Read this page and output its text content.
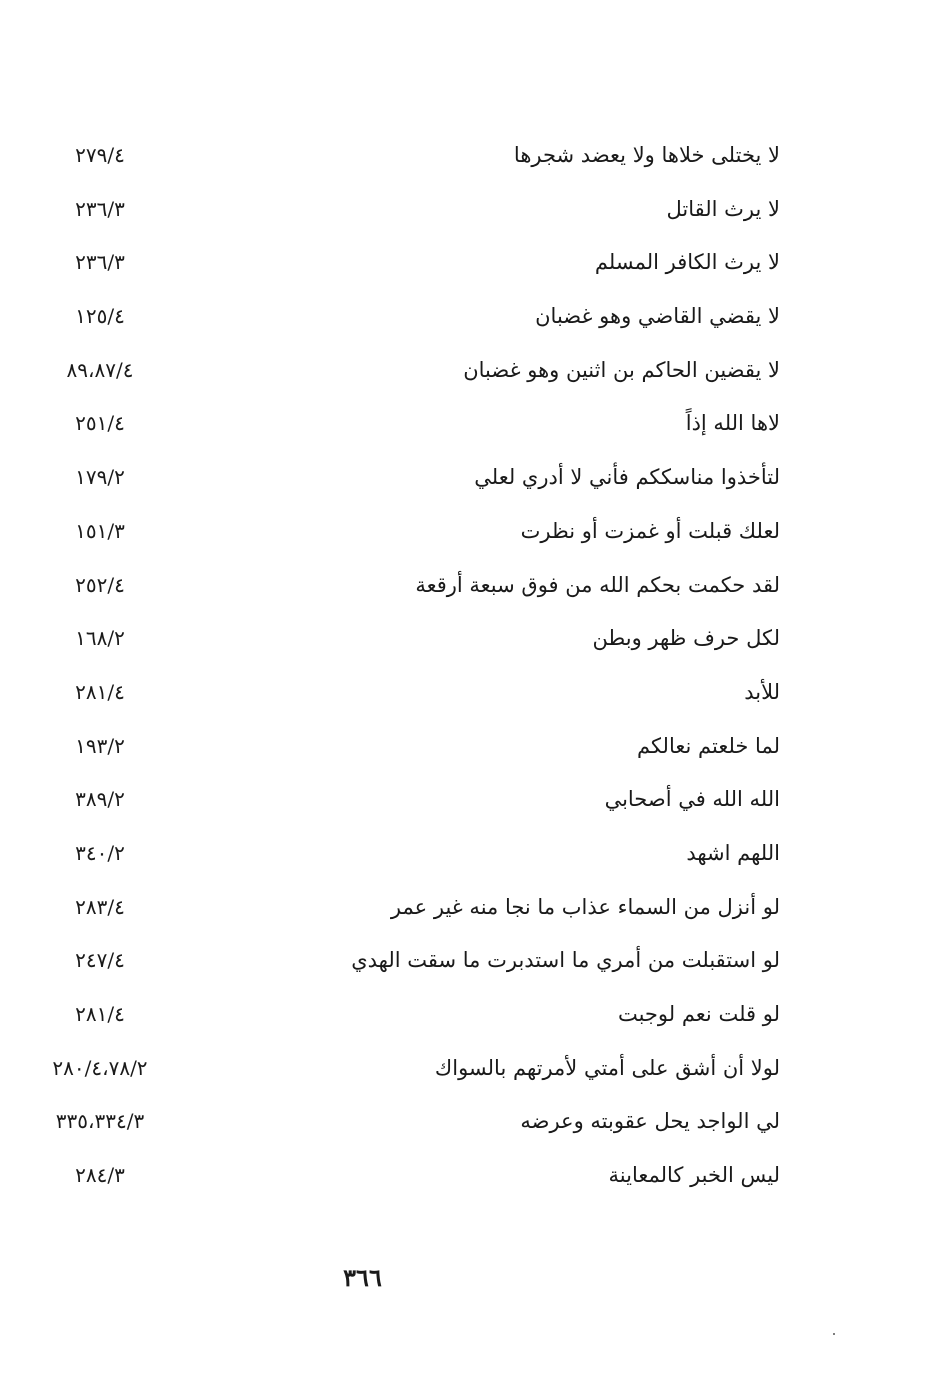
لا يختلى خلاها ولا يعضد شجرها
٢٧٩/٤
لا يرث القاتل
٢٣٦/٣
لا يرث الكافر المسلم
٢٣٦/٣
لا يقضي القاضي وهو غضبان
١٢٥/٤
لا يقضين الحاكم بن اثنين وهو غضبان
٨٩،٨٧/٤
لاها الله إذاً
٢٥١/٤
لتأخذوا مناسككم فأني لا أدري لعلي
١٧٩/٢
لعلك قبلت أو غمزت أو نظرت
١٥١/٣
لقد حكمت بحكم الله من فوق سبعة أرقعة
٢٥٢/٤
لكل حرف ظهر وبطن
١٦٨/٢
للأبد
٢٨١/٤
لما خلعتم نعالكم
١٩٣/٢
الله الله في أصحابي
٣٨٩/٢
اللهم اشهد
٣٤٠/٢
لو أنزل من السماء عذاب ما نجا منه غير عمر
٢٨٣/٤
لو استقبلت من أمري ما استدبرت ما سقت الهدي
٢٤٧/٤
لو قلت نعم لوجبت
٢٨١/٤
لولا أن أشق على أمتي لأمرتهم بالسواك
٢٨٠/٤،٧٨/٢
لي الواجد يحل عقوبته وعرضه
٣٣٥،٣٣٤/٣
ليس الخبر كالمعاينة
٢٨٤/٣
٣٦٦
